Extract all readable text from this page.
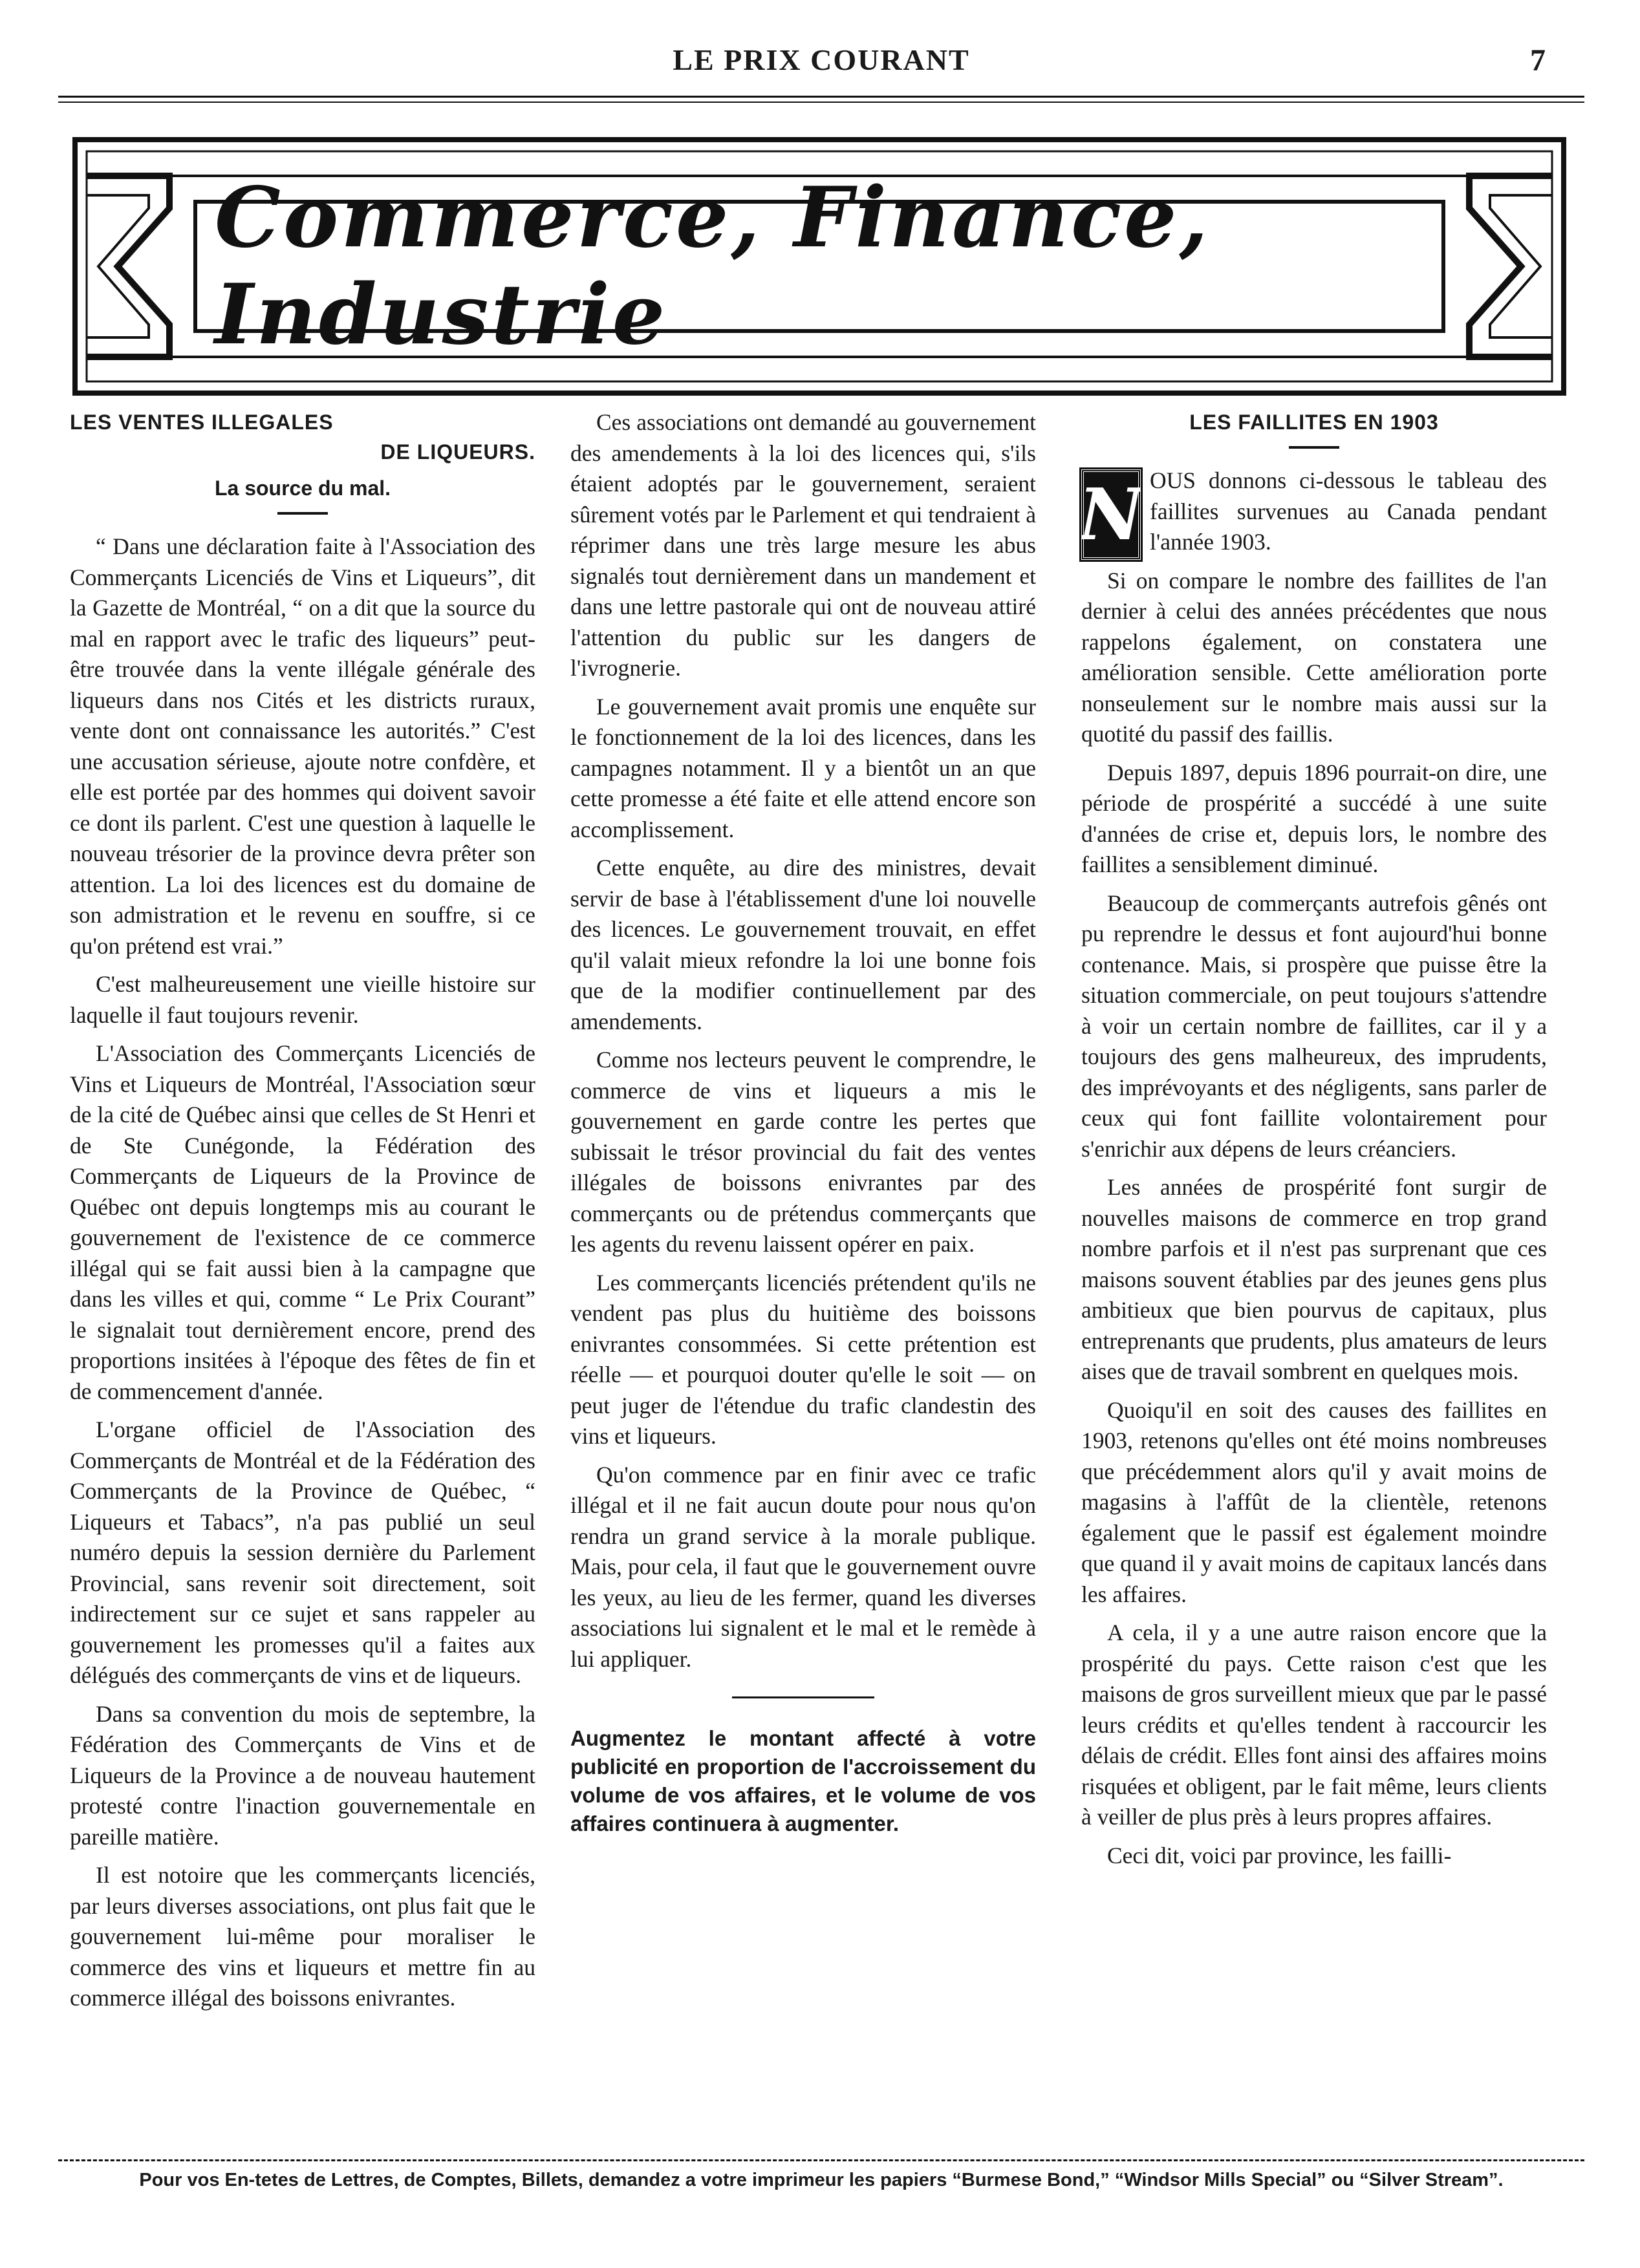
LE PRIX COURANT	7
Commerce, Finance, Industrie
LES VENTES ILLEGALES
DE LIQUEURS.
La source du mal.

“ Dans une déclaration faite à l'Association des Commerçants Licenciés de Vins et Liqueurs”, dit la Gazette de Montréal, “ on a dit que la source du mal en rapport avec le trafic des liqueurs” peut-être trouvée dans la vente illégale générale des liqueurs dans nos Cités et les districts ruraux, vente dont ont connaissance les autorités.” C'est une accusation sérieuse, ajoute notre confdère, et elle est portée par des hommes qui doivent savoir ce dont ils parlent. C'est une question à laquelle le nouveau trésorier de la province devra prêter son attention. La loi des licences est du domaine de son admistration et le revenu en souffre, si ce qu'on prétend est vrai.”

C'est malheureusement une vieille histoire sur laquelle il faut toujours revenir.

L'Association des Commerçants Licenciés de Vins et Liqueurs de Montréal, l'Association sœur de la cité de Québec ainsi que celles de St Henri et de Ste Cunégonde, la Fédération des Commerçants de Liqueurs de la Province de Québec ont depuis longtemps mis au courant le gouvernement de l'existence de ce commerce illégal qui se fait aussi bien à la campagne que dans les villes et qui, comme “ Le Prix Courant” le signalait tout dernièrement encore, prend des proportions insitées à l'époque des fêtes de fin et de commencement d'année.

L'organe officiel de l'Association des Commerçants de Montréal et de la Fédération des Commerçants de la Province de Québec, “ Liqueurs et Tabacs”, n'a pas publié un seul numéro depuis la session dernière du Parlement Provincial, sans revenir soit directement, soit indirectement sur ce sujet et sans rappeler au gouvernement les promesses qu'il a faites aux délégués des commerçants de vins et de liqueurs.

Dans sa convention du mois de septembre, la Fédération des Commerçants de Vins et de Liqueurs de la Province a de nouveau hautement protesté contre l'inaction gouvernementale en pareille matière.

Il est notoire que les commerçants licenciés, par leurs diverses associations, ont plus fait que le gouvernement lui-même pour moraliser le commerce des vins et liqueurs et mettre fin au commerce illégal des boissons enivrantes.

Ces associations ont demandé au gouvernement des amendements à la loi des licences qui, s'ils étaient adoptés par le gouvernement, seraient sûrement votés par le Parlement et qui tendraient à réprimer dans une très large mesure les abus signalés tout dernièrement dans un mandement et dans une lettre pastorale qui ont de nouveau attiré l'attention du public sur les dangers de l'ivrognerie.

Le gouvernement avait promis une enquête sur le fonctionnement de la loi des licences, dans les campagnes notamment. Il y a bientôt un an que cette promesse a été faite et elle attend encore son accomplissement.

Cette enquête, au dire des ministres, devait servir de base à l'établissement d'une loi nouvelle des licences. Le gouvernement trouvait, en effet qu'il valait mieux refondre la loi une bonne fois que de la modifier continuellement par des amendements.

Comme nos lecteurs peuvent le comprendre, le commerce de vins et liqueurs a mis le gouvernement en garde contre les pertes que subissait le trésor provincial du fait des ventes illégales de boissons enivrantes par des commerçants ou de prétendus commerçants que les agents du revenu laissent opérer en paix.

Les commerçants licenciés prétendent qu'ils ne vendent pas plus du huitième des boissons enivrantes consommées. Si cette prétention est réelle — et pourquoi douter qu'elle le soit — on peut juger de l'étendue du trafic clandestin des vins et liqueurs.

Qu'on commence par en finir avec ce trafic illégal et il ne fait aucun doute pour nous qu'on rendra un grand service à la morale publique. Mais, pour cela, il faut que le gouvernement ouvre les yeux, au lieu de les fermer, quand les diverses associations lui signalent et le mal et le remède à lui appliquer.

Augmentez le montant affecté à votre publicité en proportion de l'accroissement du volume de vos affaires, et le volume de vos affaires continuera à augmenter.

LES FAILLITES EN 1903
N OUS donnons ci-dessous le tableau des faillites survenues au Canada pendant l'année 1903.

Si on compare le nombre des faillites de l'an dernier à celui des années précédentes que nous rappelons également, on constatera une amélioration sensible. Cette amélioration porte nonseulement sur le nombre mais aussi sur la quotité du passif des faillis.

Depuis 1897, depuis 1896 pourrait-on dire, une période de prospérité a succédé à une suite d'années de crise et, depuis lors, le nombre des faillites a sensiblement diminué.

Beaucoup de commerçants autrefois gênés ont pu reprendre le dessus et font aujourd'hui bonne contenance. Mais, si prospère que puisse être la situation commerciale, on peut toujours s'attendre à voir un certain nombre de faillites, car il y a toujours des gens malheureux, des imprudents, des imprévoyants et des négligents, sans parler de ceux qui font faillite volontairement pour s'enrichir aux dépens de leurs créanciers.

Les années de prospérité font surgir de nouvelles maisons de commerce en trop grand nombre parfois et il n'est pas surprenant que ces maisons souvent établies par des jeunes gens plus ambitieux que bien pourvus de capitaux, plus entreprenants que prudents, plus amateurs de leurs aises que de travail sombrent en quelques mois.

Quoiqu'il en soit des causes des faillites en 1903, retenons qu'elles ont été moins nombreuses que précédemment alors qu'il y avait moins de magasins à l'affût de la clientèle, retenons également que le passif est également moindre que quand il y avait moins de capitaux lancés dans les affaires.

A cela, il y a une autre raison encore que la prospérité du pays. Cette raison c'est que les maisons de gros surveillent mieux que par le passé leurs crédits et qu'elles tendent à raccourcir les délais de crédit. Elles font ainsi des affaires moins risquées et obligent, par le fait même, leurs clients à veiller de plus près à leurs propres affaires.

Ceci dit, voici par province, les failli-

Pour vos En-tetes de Lettres, de Comptes, Billets, demandez a votre imprimeur les papiers “Burmese Bond,” “Windsor Mills Special” ou “Silver Stream”.
